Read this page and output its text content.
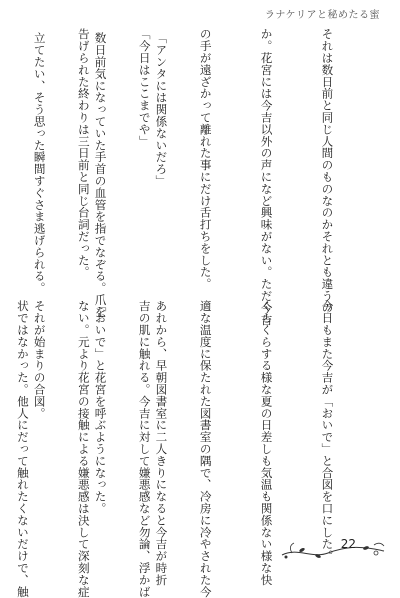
ラナケリアと秘めたる蜜

それは数日前と同じ人間のものなのかそれとも違うの

か。花宮には今吉以外の声になど興味がない。ただ今吉

の手が遠ざかって離れた事にだけ舌打ちをした。

「今日はここまでや」

告げられた終わりは三日前と同じ台詞だった。

	「アンタには関係ないだろ」

数日前気になっていた手首の血管を指でなぞる。爪を

立てたい、そう思った瞬間すぐさま逃げられる。

今日もまた今吉が「おいで」と合図を口にした。

くらくらする様な夏の日差しも気温も関係ない様な快

適な温度に保たれた図書室の隅で、冷房に冷やされた今

吉の肌に触れる。今吉に対して嫌悪感など勿論、浮かば

ない。元より花宮の接触による嫌悪感は決して深刻な症

状ではなかった。他人にだって触れたくないだけで、触

	あれから、早朝図書室に二人きりになると今吉が時折

「おいで」と花宮を呼ぶようになった。

それが始まりの合図。

22
